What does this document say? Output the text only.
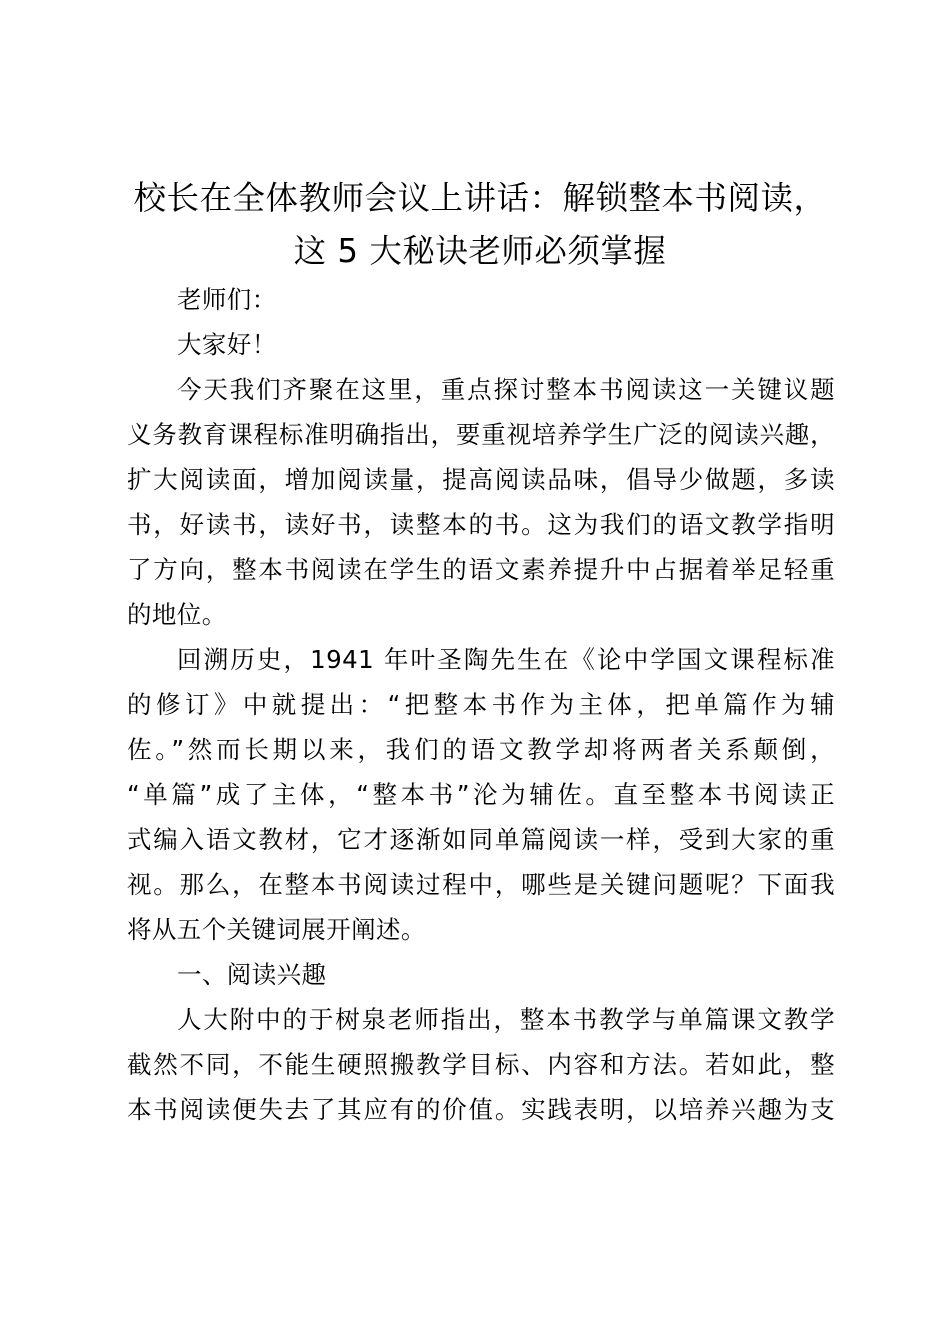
校长在全体教师会议上讲话：解锁整本书阅读，
这 5 大秘诀老师必须掌握
老师们：
大家好！
今天我们齐聚在这里，重点探讨整本书阅读这一关键议题
义务教育课程标准明确指出，要重视培养学生广泛的阅读兴趣，
扩大阅读面，增加阅读量，提高阅读品味，倡导少做题，多读
书，好读书，读好书，读整本的书。这为我们的语文教学指明
了方向，整本书阅读在学生的语文素养提升中占据着举足轻重
的地位。
回溯历史，1941 年叶圣陶先生在《论中学国文课程标准
的修订》中就提出：“把整本书作为主体，把单篇作为辅
佐。”然而长期以来，我们的语文教学却将两者关系颠倒，
“单篇”成了主体，“整本书”沦为辅佐。直至整本书阅读正
式编入语文教材，它才逐渐如同单篇阅读一样，受到大家的重
视。那么，在整本书阅读过程中，哪些是关键问题呢？下面我
将从五个关键词展开阐述。
一、阅读兴趣
人大附中的于树泉老师指出，整本书教学与单篇课文教学
截然不同，不能生硬照搬教学目标、内容和方法。若如此，整
本书阅读便失去了其应有的价值。实践表明，以培养兴趣为支
